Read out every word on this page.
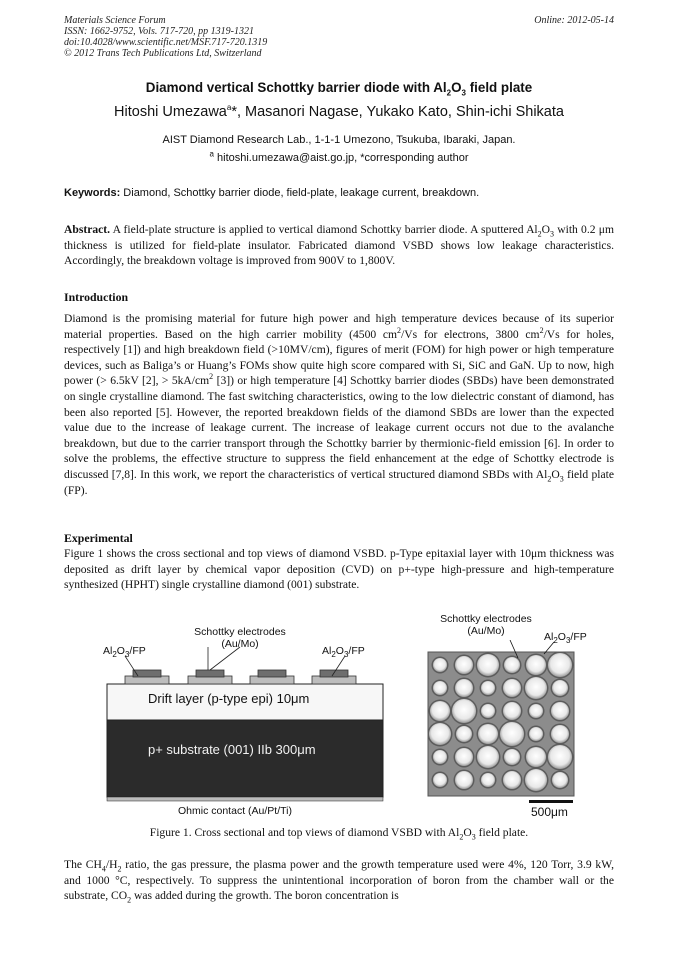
Materials Science Forum
ISSN: 1662-9752, Vols. 717-720, pp 1319-1321
doi:10.4028/www.scientific.net/MSF.717-720.1319
© 2012 Trans Tech Publications Ltd, Switzerland
Online: 2012-05-14
Diamond vertical Schottky barrier diode with $Al_2O_3$ field plate
Hitoshi Umezawa$^a$*, Masanori Nagase, Yukako Kato, Shin-ichi Shikata
AIST Diamond Research Lab., 1-1-1 Umezono, Tsukuba, Ibaraki, Japan.
$^a$ hitoshi.umezawa@aist.go.jp, *corresponding author
Keywords: Diamond, Schottky barrier diode, field-plate, leakage current, breakdown.
Abstract. A field-plate structure is applied to vertical diamond Schottky barrier diode. A sputtered $Al_2O_3$ with 0.2 μm thickness is utilized for field-plate insulator. Fabricated diamond VSBD shows low leakage characteristics. Accordingly, the breakdown voltage is improved from 900V to 1,800V.
Introduction
Diamond is the promising material for future high power and high temperature devices because of its superior material properties. Based on the high carrier mobility (4500 $cm^2/Vs$ for electrons, 3800 $cm^2/Vs$ for holes, respectively [1]) and high breakdown field (>10MV/cm), figures of merit (FOM) for high power or high temperature devices, such as Baliga’s or Huang’s FOMs show quite high score compared with Si, SiC and GaN. Up to now, high power (> 6.5kV [2], > $5kA/cm^2$ [3]) or high temperature [4] Schottky barrier diodes (SBDs) have been demonstrated on single crystalline diamond. The fast switching characteristics, owing to the low dielectric constant of diamond, has been also reported [5]. However, the reported breakdown fields of the diamond SBDs are lower than the expected value due to the increase of leakage current. The increase of leakage current occurs not due to the avalanche breakdown, but due to the carrier transport through the Schottky barrier by thermionic-field emission [6]. In order to solve the problems, the effective structure to suppress the field enhancement at the edge of Schottky electrode is discussed [7,8]. In this work, we report the characteristics of vertical structured diamond SBDs with $Al_2O_3$ field plate (FP).
Experimental
Figure 1 shows the cross sectional and top views of diamond VSBD. p-Type epitaxial layer with 10μm thickness was deposited as drift layer by chemical vapor deposition (CVD) on p+-type high-pressure and high-temperature synthesized (HPHT) single crystalline diamond (001) substrate.
Schottky electrodes
(Au/Mo)
$Al_2O_3/FP$	$Al_2O_3/FP$
Drift layer (p-type epi) 10μm
p+ substrate (001) IIb 300μm
Ohmic contact (Au/Pt/Ti)
Schottky electrodes
(Au/Mo)	$Al_2O_3/FP$
500μm
Figure 1. Cross sectional and top views of diamond VSBD with $Al_2O_3$ field plate.
The $CH_4/H_2$ ratio, the gas pressure, the plasma power and the growth temperature used were 4%, 120 Torr, 3.9 kW, and 1000 °C, respectively. To suppress the unintentional incorporation of boron from the chamber wall or the substrate, $CO_2$ was added during the growth. The boron concentration is
